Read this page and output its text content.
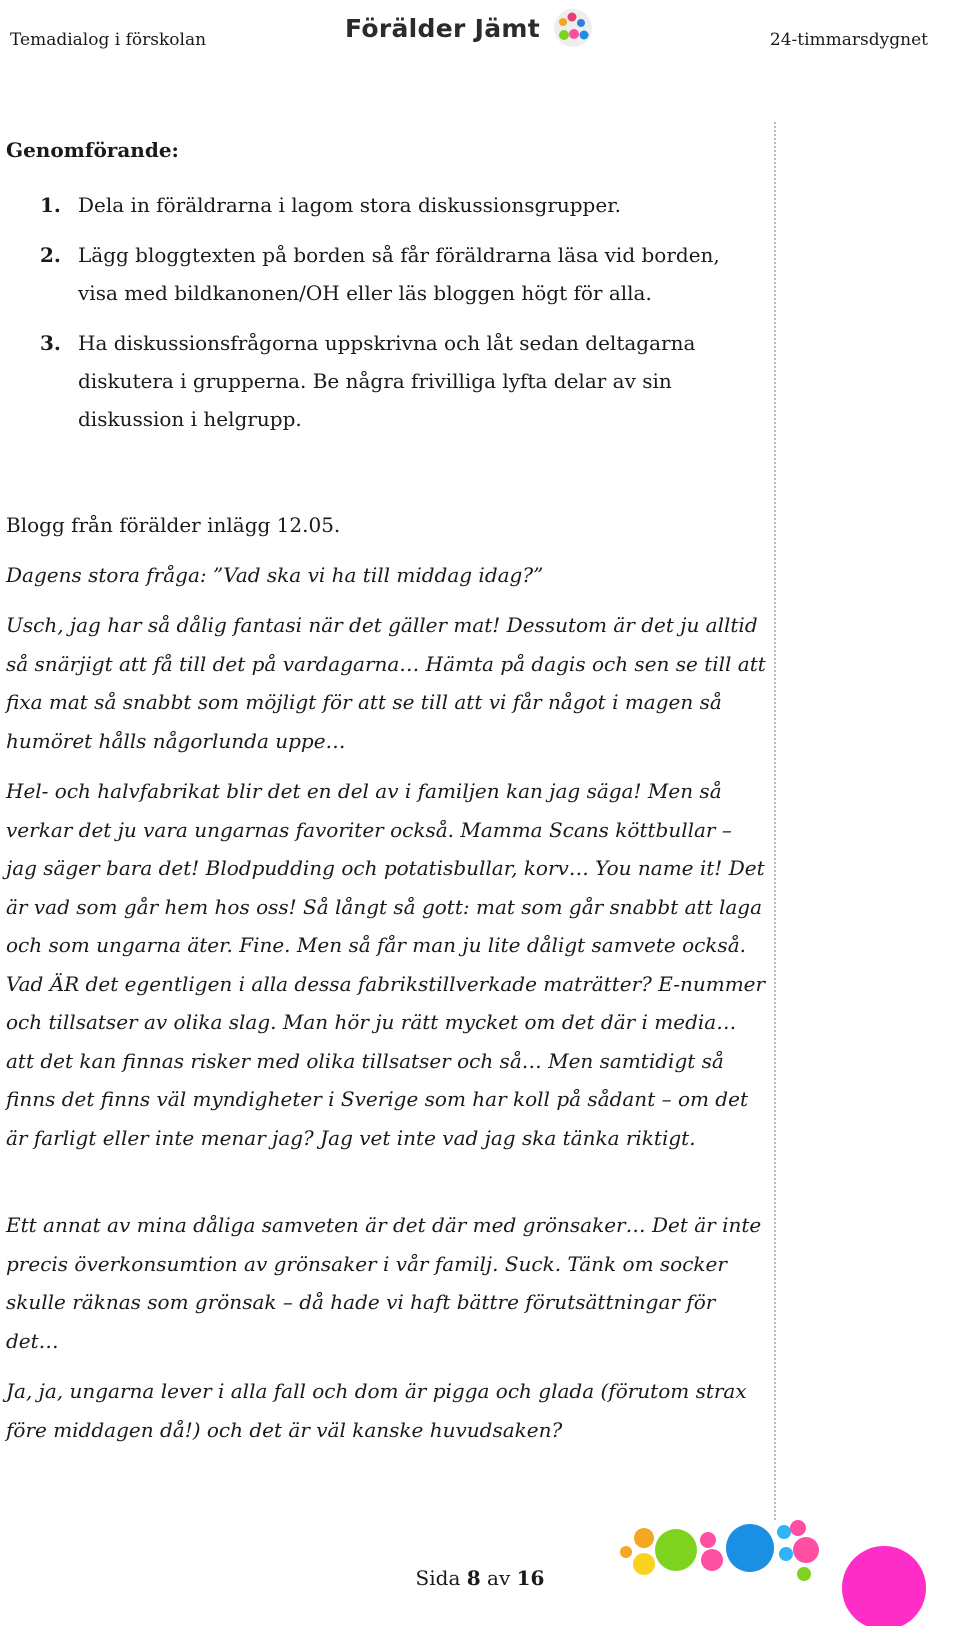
Temadialog i förskolan	Förälder Jämt	24-timmarsdygnet
Genomförande:
1. Dela in föräldrarna i lagom stora diskussionsgrupper.
2. Lägg bloggtexten på borden så får föräldrarna läsa vid borden, visa med bildkanonen/OH eller läs bloggen högt för alla.
3. Ha diskussionsfrågorna uppskrivna och låt sedan deltagarna diskutera i grupperna. Be några frivilliga lyfta delar av sin diskussion i helgrupp.
Blogg från förälder inlägg 12.05.
Dagens stora fråga: ”Vad ska vi ha till middag idag?”
Usch, jag har så dålig fantasi när det gäller mat! Dessutom är det ju alltid så snärjigt att få till det på vardagarna… Hämta på dagis och sen se till att fixa mat så snabbt som möjligt för att se till att vi får något i magen så humöret hålls någorlunda uppe…
Hel- och halvfabrikat blir det en del av i familjen kan jag säga! Men så verkar det ju vara ungarnas favoriter också. Mamma Scans köttbullar – jag säger bara det! Blodpudding och potatisbullar, korv… You name it! Det är vad som går hem hos oss! Så långt så gott: mat som går snabbt att laga och som ungarna äter. Fine. Men så får man ju lite dåligt samvete också. Vad ÄR det egentligen i alla dessa fabrikstillverkade maträtter? E-nummer och tillsatser av olika slag. Man hör ju rätt mycket om det där i media… att det kan finnas risker med olika tillsatser och så… Men samtidigt så finns det finns väl myndigheter i Sverige som har koll på sådant – om det är farligt eller inte menar jag? Jag vet inte vad jag ska tänka riktigt.
Ett annat av mina dåliga samveten är det där med grönsaker… Det är inte precis överkonsumtion av grönsaker i vår familj. Suck. Tänk om socker skulle räknas som grönsak – då hade vi haft bättre förutsättningar för det…
Ja, ja, ungarna lever i alla fall och dom är pigga och glada (förutom strax före middagen då!) och det är väl kanske huvudsaken?
Sida 8 av 16
